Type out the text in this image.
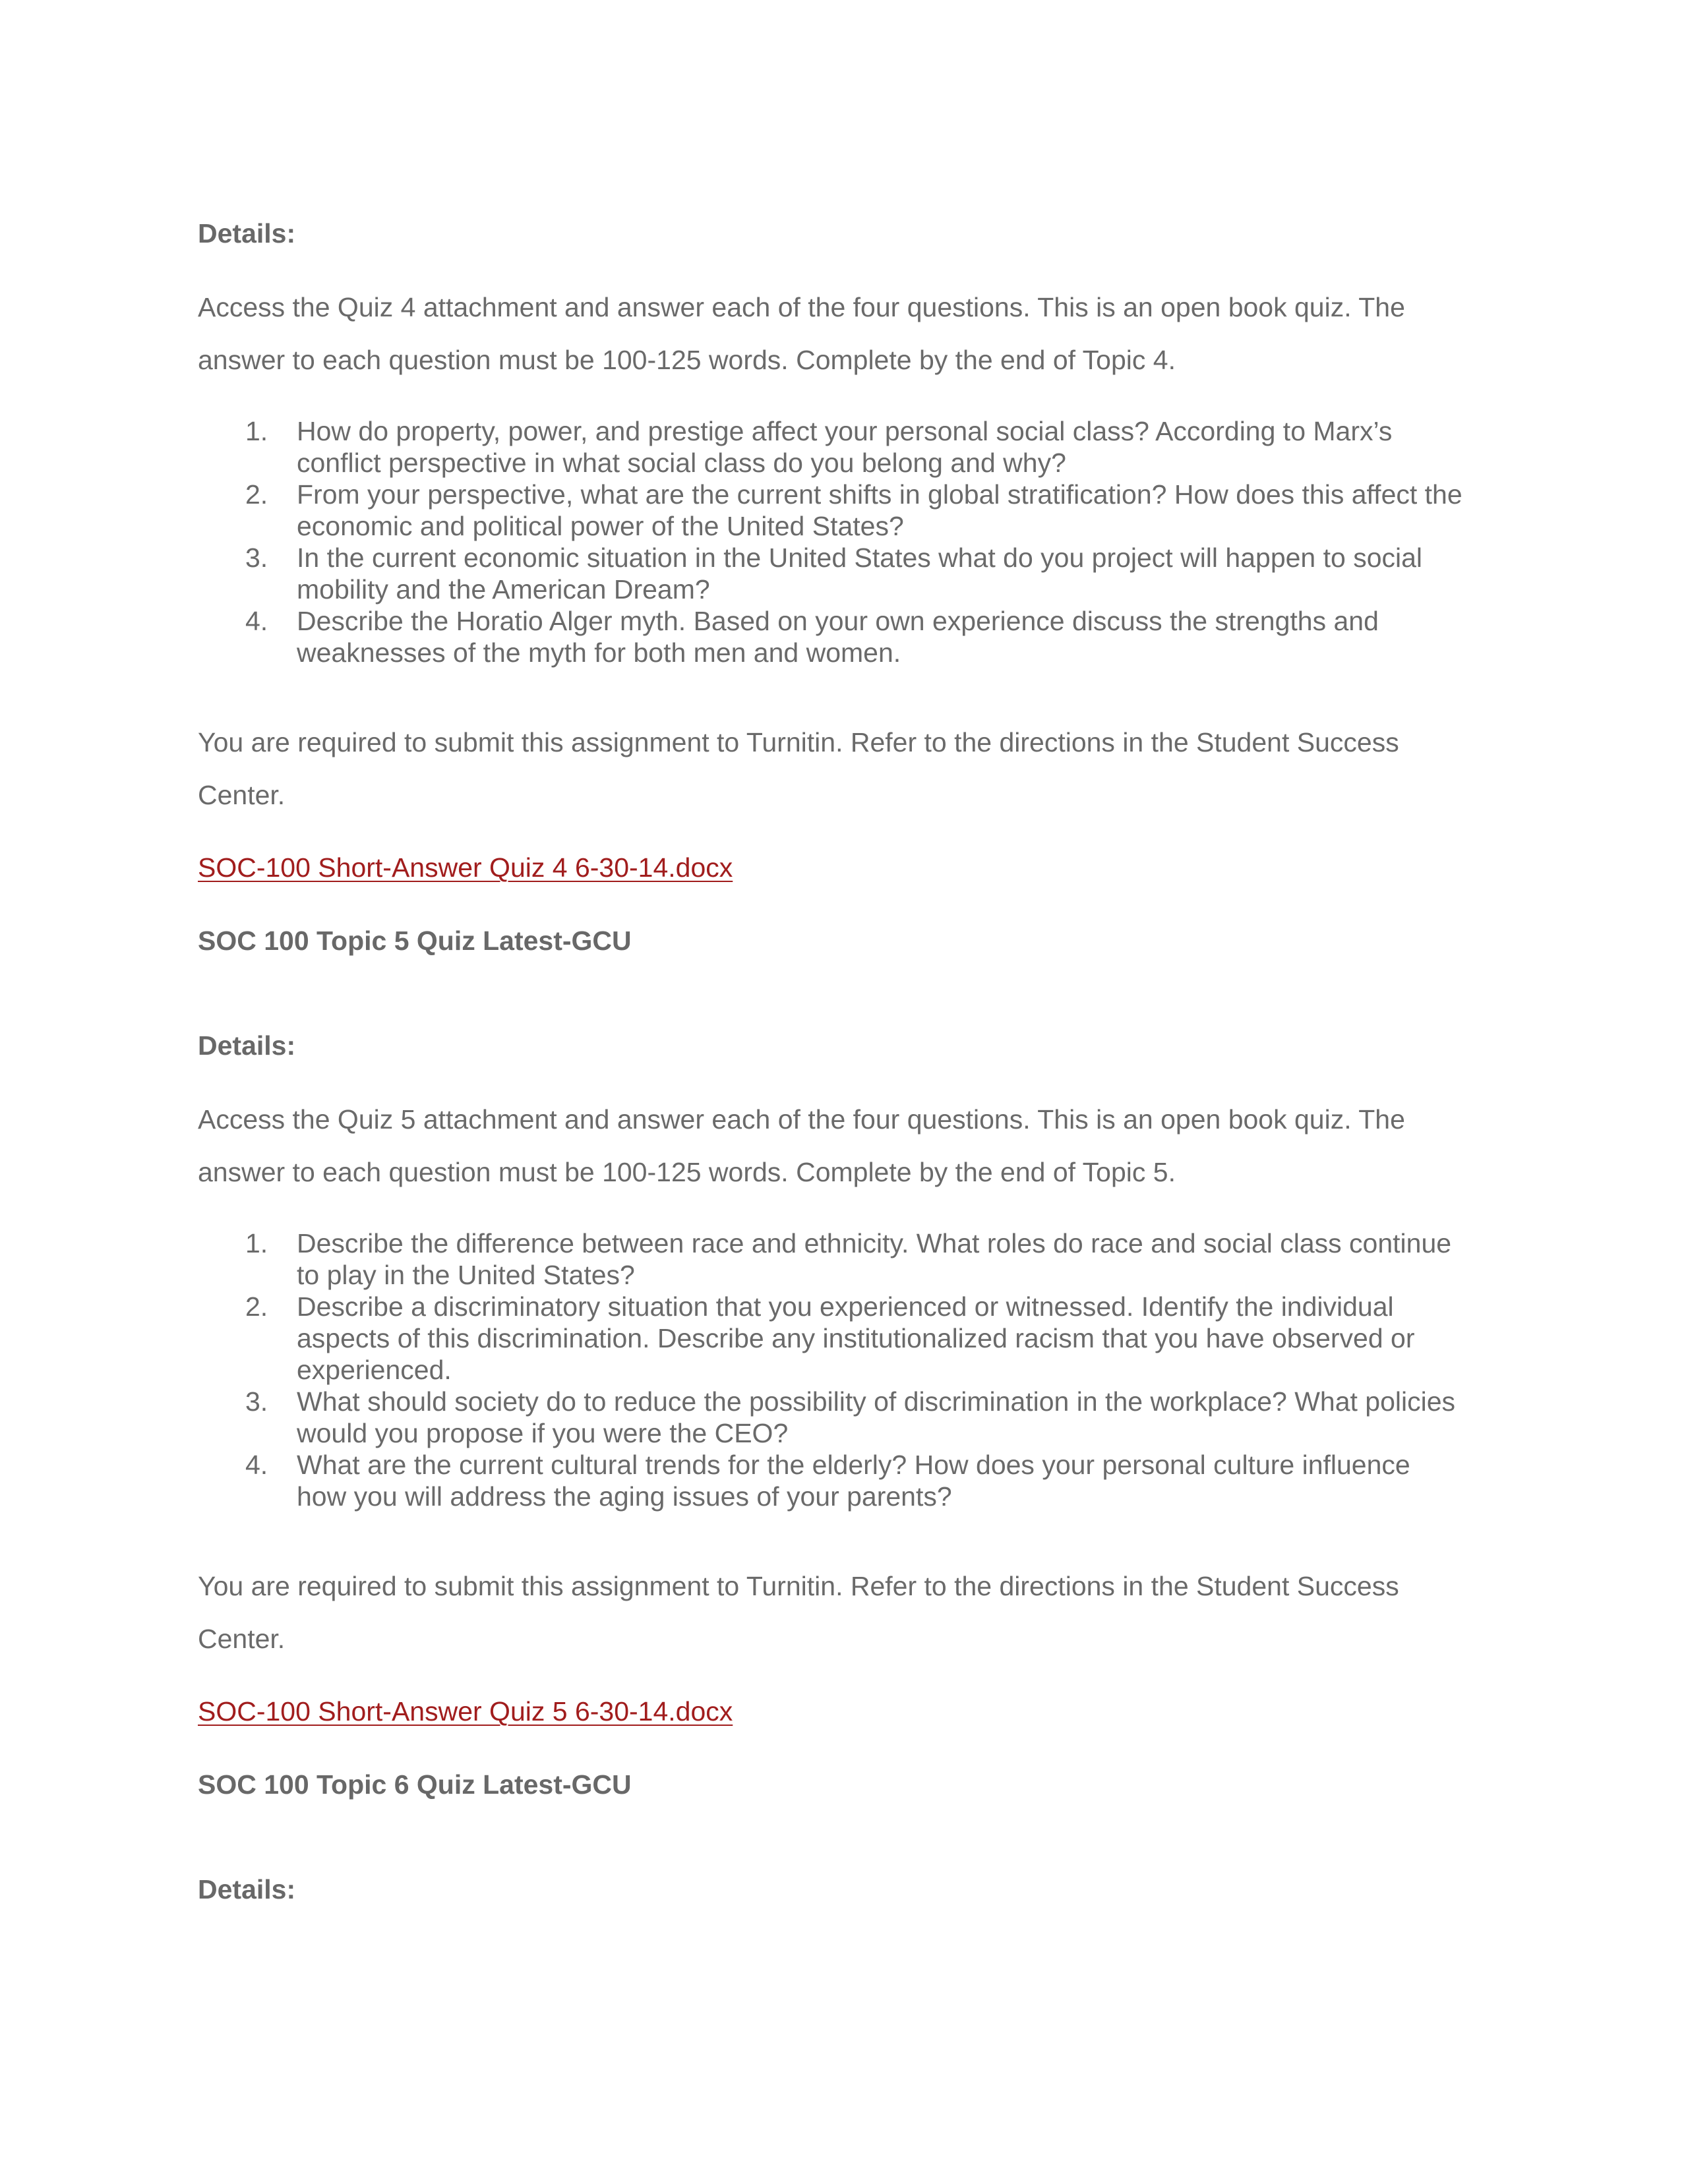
Details:

Access the Quiz 4 attachment and answer each of the four questions. This is an open book quiz. The
answer to each question must be 100-125 words. Complete by the end of Topic 4.
1. How do property, power, and prestige affect your personal social class? According to Marx’s
conflict perspective in what social class do you belong and why?
2. From your perspective, what are the current shifts in global stratification? How does this affect the
economic and political power of the United States?
3. In the current economic situation in the United States what do you project will happen to social
mobility and the American Dream?
4. Describe the Horatio Alger myth. Based on your own experience discuss the strengths and
weaknesses of the myth for both men and women.
You are required to submit this assignment to Turnitin. Refer to the directions in the Student Success
Center.
SOC-100 Short-Answer Quiz 4 6-30-14.docx

SOC 100 Topic 5 Quiz Latest-GCU

Details:

Access the Quiz 5 attachment and answer each of the four questions. This is an open book quiz. The
answer to each question must be 100-125 words. Complete by the end of Topic 5.
1. Describe the difference between race and ethnicity. What roles do race and social class continue
to play in the United States?
2. Describe a discriminatory situation that you experienced or witnessed. Identify the individual
aspects of this discrimination. Describe any institutionalized racism that you have observed or
experienced.
3. What should society do to reduce the possibility of discrimination in the workplace? What policies
would you propose if you were the CEO?
4. What are the current cultural trends for the elderly? How does your personal culture influence
how you will address the aging issues of your parents?
You are required to submit this assignment to Turnitin. Refer to the directions in the Student Success
Center.
SOC-100 Short-Answer Quiz 5 6-30-14.docx

SOC 100 Topic 6 Quiz Latest-GCU

Details:
